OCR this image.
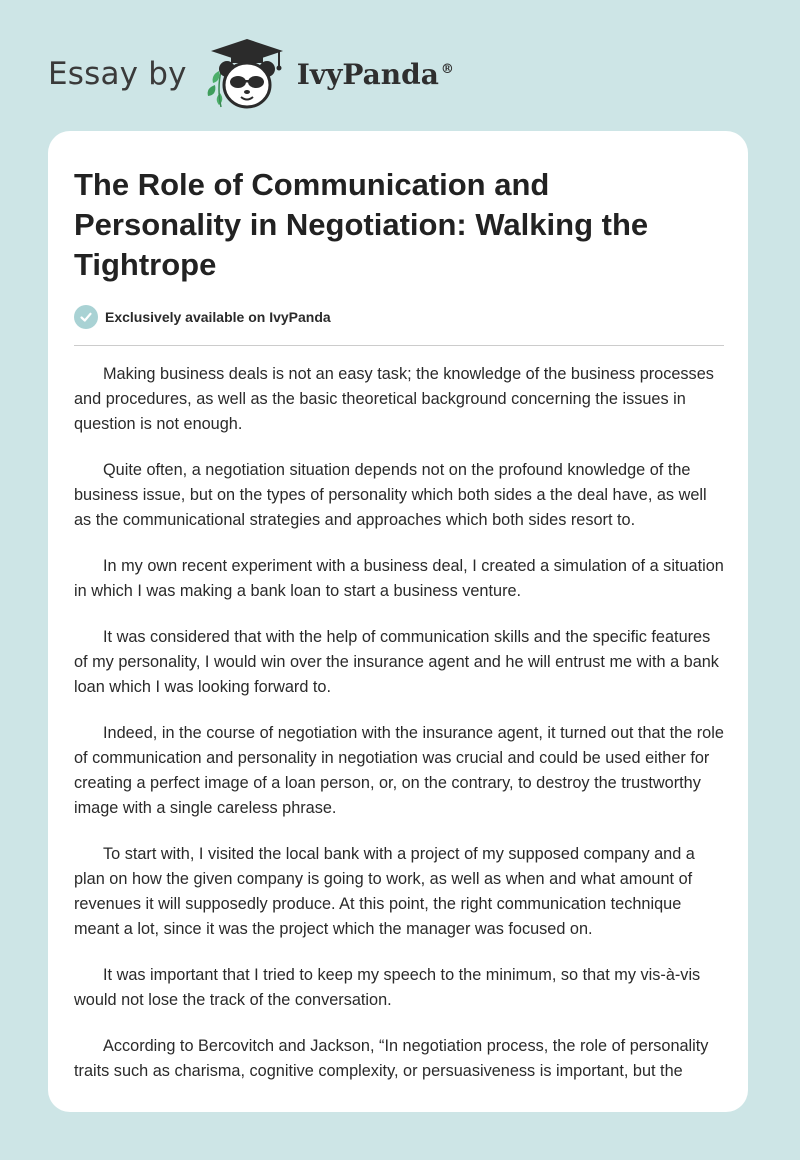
Essay by	IvyPanda ®
The Role of Communication and Personality in Negotiation: Walking the Tightrope
Exclusively available on IvyPanda

Making business deals is not an easy task; the knowledge of the business processes and procedures, as well as the basic theoretical background concerning the issues in question is not enough.

Quite often, a negotiation situation depends not on the profound knowledge of the business issue, but on the types of personality which both sides a the deal have, as well as the communicational strategies and approaches which both sides resort to.

In my own recent experiment with a business deal, I created a simulation of a situation in which I was making a bank loan to start a business venture.

It was considered that with the help of communication skills and the specific features of my personality, I would win over the insurance agent and he will entrust me with a bank loan which I was looking forward to.

Indeed, in the course of negotiation with the insurance agent, it turned out that the role of communication and personality in negotiation was crucial and could be used either for creating a perfect image of a loan person, or, on the contrary, to destroy the trustworthy image with a single careless phrase.

To start with, I visited the local bank with a project of my supposed company and a plan on how the given company is going to work, as well as when and what amount of revenues it will supposedly produce. At this point, the right communication technique meant a lot, since it was the project which the manager was focused on.

It was important that I tried to keep my speech to the minimum, so that my vis-à-vis would not lose the track of the conversation.

According to Bercovitch and Jackson, “In negotiation process, the role of personality traits such as charisma, cognitive complexity, or persuasiveness is important, but the
